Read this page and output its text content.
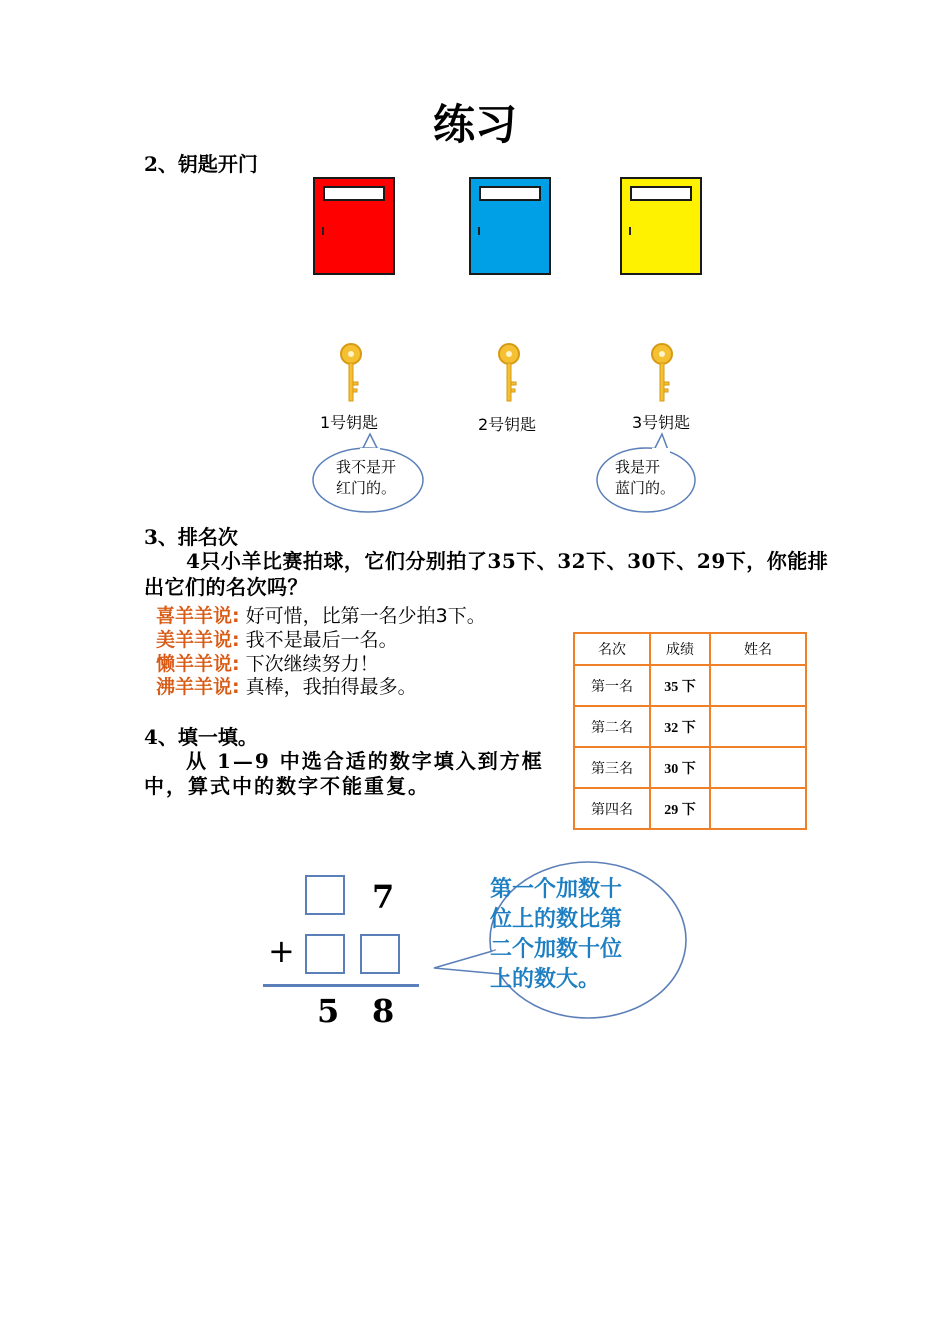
练习
2、钥匙开门
1号钥匙	2号钥匙	3号钥匙
我不是开
红门的。
我是开
蓝门的。
3、排名次
4只小羊比赛拍球，它们分别拍了35下、32下、30下、29下，你能排
出它们的名次吗？
喜羊羊说: 好可惜，比第一名少拍3下。
美羊羊说: 我不是最后一名。
懒羊羊说: 下次继续努力！
沸羊羊说: 真棒，我拍得最多。
名次	成绩	姓名
第一名	35 下	
第二名	32 下	
第三名	30 下	
第四名	29 下	
4、填一填。
从 1—9 中选合适的数字填入到方框
中，算式中的数字不能重复。
7
+
5 8
第一个加数十
位上的数比第
二个加数十位
上的数大。
